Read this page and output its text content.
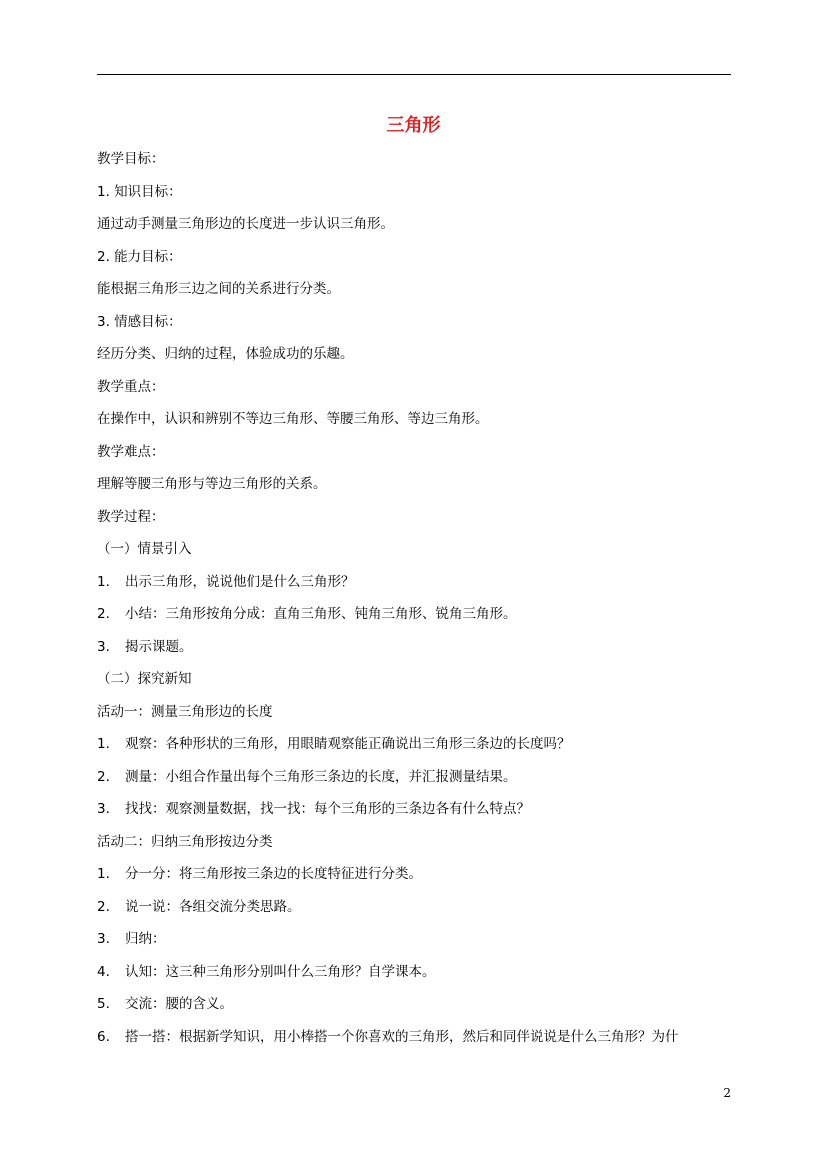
三角形
教学目标：
1. 知识目标：
通过动手测量三角形边的长度进一步认识三角形。
2. 能力目标：
能根据三角形三边之间的关系进行分类。
3. 情感目标：
经历分类、归纳的过程，体验成功的乐趣。
教学重点：
在操作中，认识和辨别不等边三角形、等腰三角形、等边三角形。
教学难点：
理解等腰三角形与等边三角形的关系。
教学过程：
（一）情景引入
1.	出示三角形，说说他们是什么三角形？
2.	小结：三角形按角分成：直角三角形、钝角三角形、锐角三角形。
3.	揭示课题。
（二）探究新知
活动一：测量三角形边的长度
1.	观察：各种形状的三角形，用眼睛观察能正确说出三角形三条边的长度吗？
2.	测量：小组合作量出每个三角形三条边的长度，并汇报测量结果。
3.	找找：观察测量数据，找一找：每个三角形的三条边各有什么特点？
活动二：归纳三角形按边分类
1.	分一分：将三角形按三条边的长度特征进行分类。
2.	说一说：各组交流分类思路。
3.	归纳：
4.	认知：这三种三角形分别叫什么三角形？自学课本。
5.	交流：腰的含义。
6.	搭一搭：根据新学知识，用小棒搭一个你喜欢的三角形，然后和同伴说说是什么三角形？为什
2
